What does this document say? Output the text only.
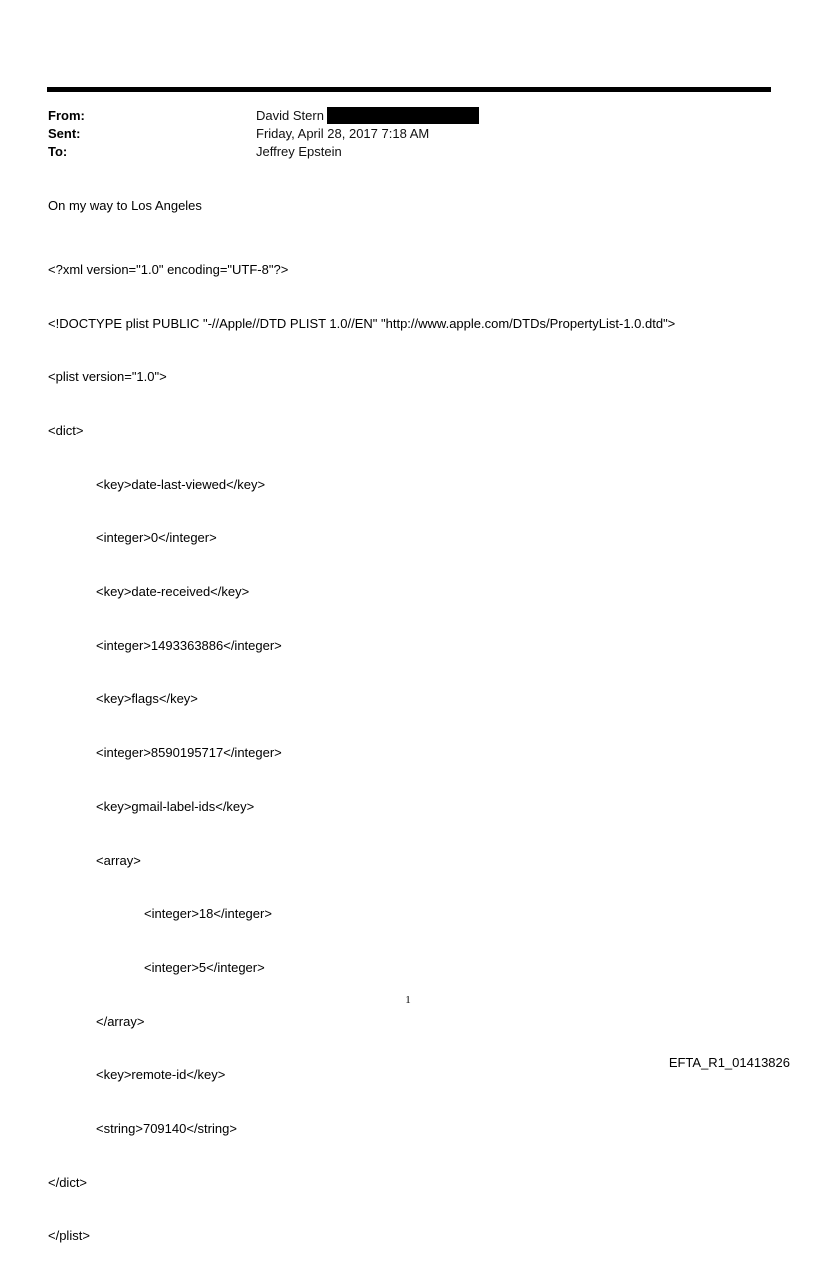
From:	David Stern
Sent:	Friday, April 28, 2017 7:18 AM
To:	Jeffrey Epstein
On my way to Los Angeles

<?xml version="1.0" encoding="UTF-8"?>

<!DOCTYPE plist PUBLIC "-//Apple//DTD PLIST 1.0//EN" "http://www.apple.com/DTDs/PropertyList-1.0.dtd">

<plist version="1.0">

<dict>

<key>date-last-viewed</key>

<integer>0</integer>

<key>date-received</key>

<integer>1493363886</integer>

<key>flags</key>

<integer>8590195717</integer>

<key>gmail-label-ids</key>

<array>

<integer>18</integer>

<integer>5</integer>

</array>

<key>remote-id</key>

<string>709140</string>

</dict>

</plist>

1
EFTA_R1_01413826
